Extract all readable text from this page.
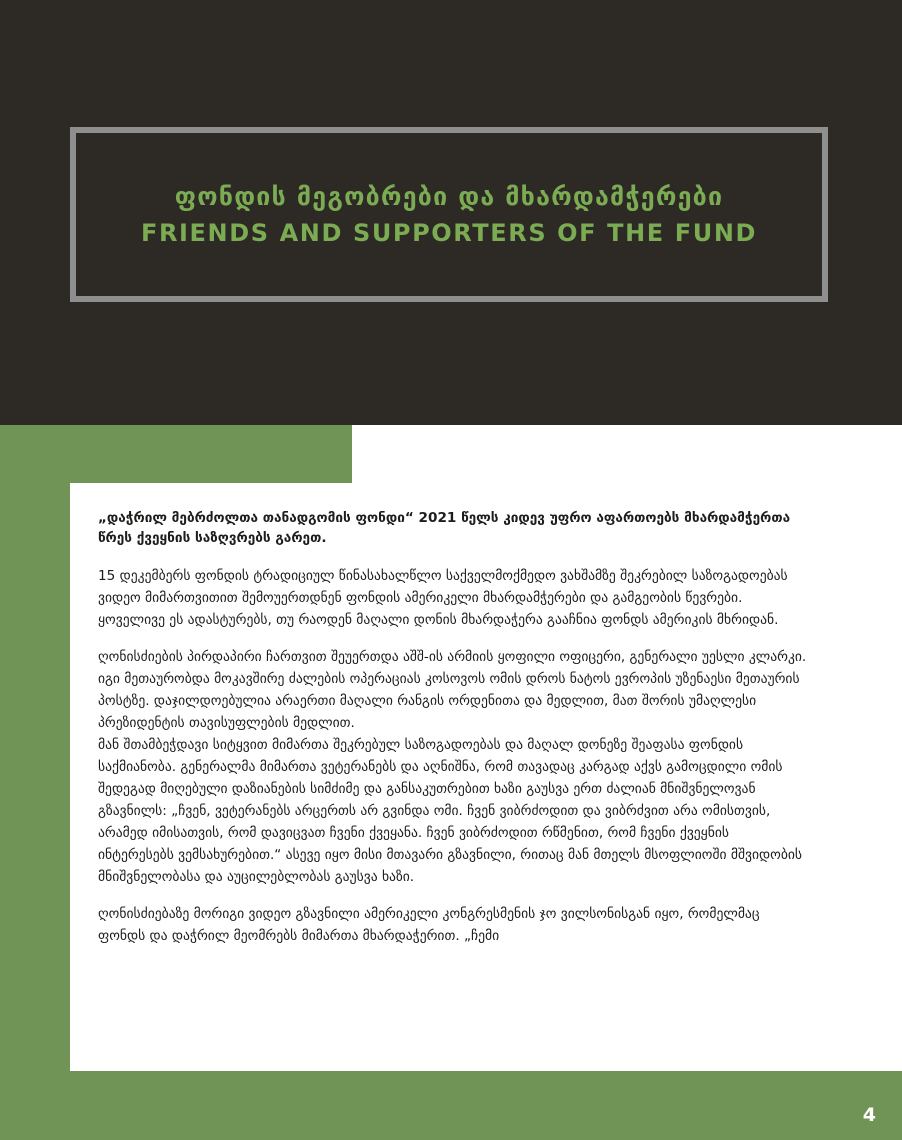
ფონდის მეგობრები და მხარდამჭერები
FRIENDS AND SUPPORTERS OF THE FUND

„დაჭრილ მებრძოლთა თანადგომის ფონდი“ 2021 წელს კიდევ უფრო აფართოებს მხარდამჭერთა წრეს ქვეყნის საზღვრებს გარეთ.

15 დეკემბერს ფონდის ტრადიციულ წინასახალწლო საქველმოქმედო ვახშამზე შეკრებილ საზოგადოებას ვიდეო მიმართვითით შემოუერთდნენ ფონდის ამერიკელი მხარდამჭერები და გამგეობის წევრები. ყოველივე ეს ადასტურებს, თუ რაოდენ მაღალი დონის მხარდაჭერა გააჩნია ფონდს ამერიკის მხრიდან.

ღონისძიების პირდაპირი ჩართვით შეუერთდა აშშ-ის არმიის ყოფილი ოფიცერი, გენერალი უესლი კლარკი. იგი მეთაურობდა მოკავშირე ძალების ოპერაციას კოსოვოს ომის დროს ნატოს ევროპის უზენაესი მეთაურის პოსტზე. დაჯილდოებულია არაერთი მაღალი რანგის ორდენითა და მედლით, მათ შორის უმაღლესი პრეზიდენტის თავისუფლების მედლით.

მან შთამბეჭდავი სიტყვით მიმართა შეკრებულ საზოგადოებას და მაღალ დონეზე შეაფასა ფონდის საქმიანობა. გენერალმა მიმართა ვეტერანებს და აღნიშნა, რომ თავადაც კარგად აქვს გამოცდილი ომის შედეგად მიღებული დაზიანების სიმძიმე და განსაკუთრებით ხაზი გაუსვა ერთ ძალიან მნიშვნელოვან გზავნილს: „ჩვენ, ვეტერანებს არცერთს არ გვინდა ომი. ჩვენ ვიბრძოდით და ვიბრძვით არა ომისთვის, არამედ იმისათვის, რომ დავიცვათ ჩვენი ქვეყანა. ჩვენ ვიბრძოდით რწმენით, რომ ჩვენი ქვეყნის ინტერესებს ვემსახურებით.“ ასევე იყო მისი მთავარი გზავნილი, რითაც მან მთელს მსოფლიოში მშვიდობის მნიშვნელობასა და აუცილებლობას გაუსვა ხაზი.

ღონისძიებაზე მორიგი ვიდეო გზავნილი ამერიკელი კონგრესმენის ჯო ვილსონისგან იყო, რომელმაც ფონდს და დაჭრილ მეომრებს მიმართა მხარდაჭერით. „ჩემი

4
